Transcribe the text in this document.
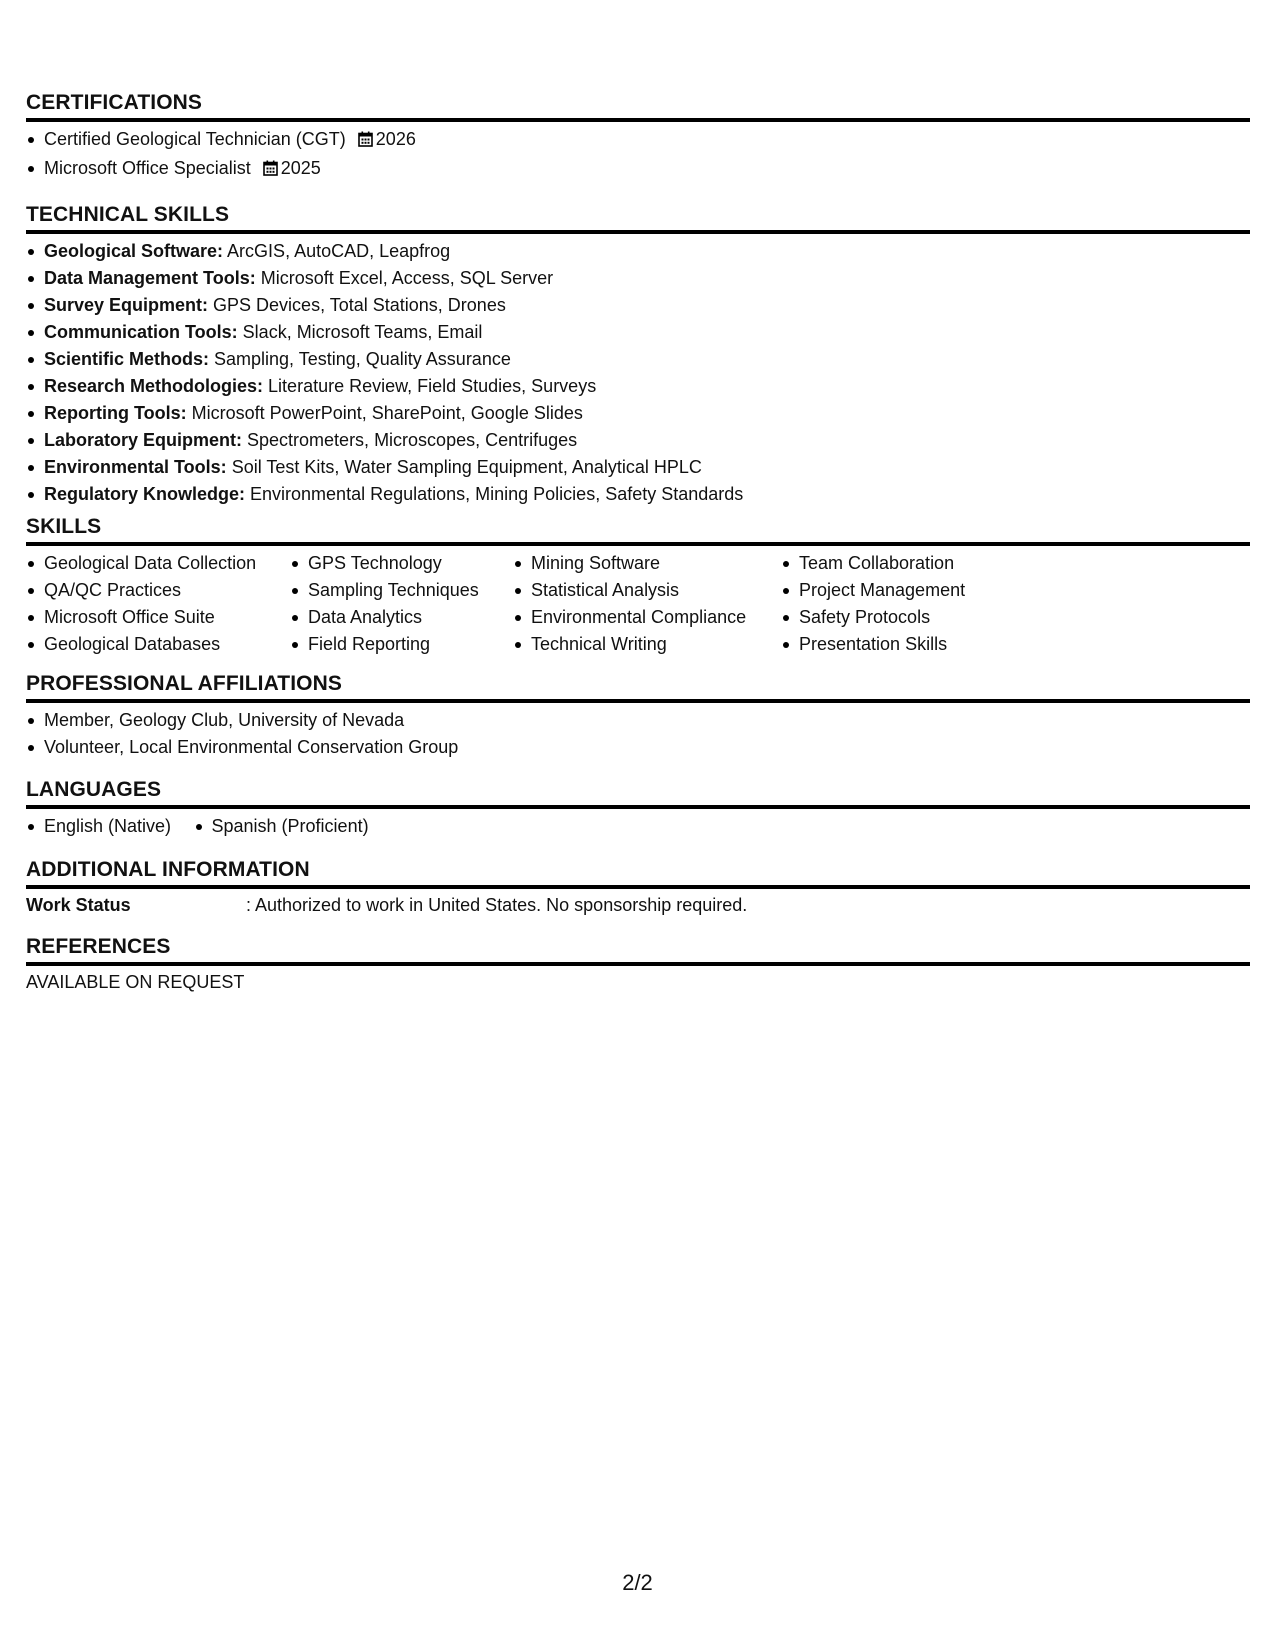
CERTIFICATIONS
Certified Geological Technician (CGT) 2026
Microsoft Office Specialist 2025
TECHNICAL SKILLS
Geological Software: ArcGIS, AutoCAD, Leapfrog
Data Management Tools: Microsoft Excel, Access, SQL Server
Survey Equipment: GPS Devices, Total Stations, Drones
Communication Tools: Slack, Microsoft Teams, Email
Scientific Methods: Sampling, Testing, Quality Assurance
Research Methodologies: Literature Review, Field Studies, Surveys
Reporting Tools: Microsoft PowerPoint, SharePoint, Google Slides
Laboratory Equipment: Spectrometers, Microscopes, Centrifuges
Environmental Tools: Soil Test Kits, Water Sampling Equipment, Analytical HPLC
Regulatory Knowledge: Environmental Regulations, Mining Policies, Safety Standards
SKILLS
Geological Data Collection
QA/QC Practices
Microsoft Office Suite
Geological Databases
GPS Technology
Sampling Techniques
Data Analytics
Field Reporting
Mining Software
Statistical Analysis
Environmental Compliance
Technical Writing
Team Collaboration
Project Management
Safety Protocols
Presentation Skills
PROFESSIONAL AFFILIATIONS
Member, Geology Club, University of Nevada
Volunteer, Local Environmental Conservation Group
LANGUAGES
English (Native) Spanish (Proficient)
ADDITIONAL INFORMATION
Work Status	: Authorized to work in United States. No sponsorship required.
REFERENCES
AVAILABLE ON REQUEST
2/2
